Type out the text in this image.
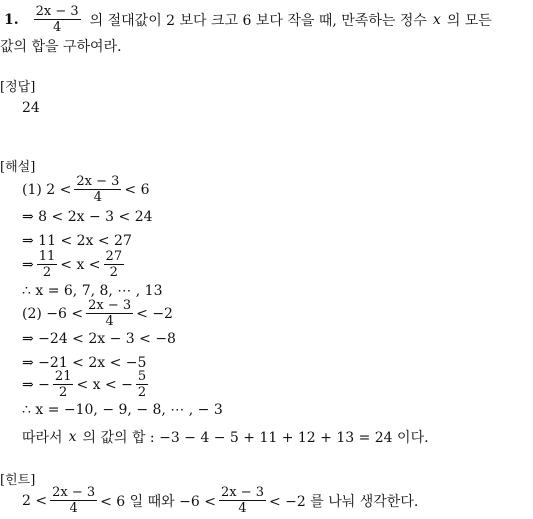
1. $\frac{2x - 3}{4}$ 의 절대값이 2 보다 크고 6 보다 작을 때, 만족하는 정수 x 의 모든
값의 합을 구하여라.
[정답]
24
[해설]
(1) $2 < \frac{2x - 3}{4} < 6$
⇒ 8 < 2x − 3 < 24
⇒ 11 < 2x < 27
⇒ $\frac{11}{2} < x < \frac{27}{2}$
∴ x = 6, 7, 8, ⋯ , 13
$(2) -6 < \frac{2x - 3}{4} < -2$
⇒ −24 < 2x − 3 < −8
⇒ −21 < 2x < −5
⇒ − $\frac{21}{2} < x$ < − $\frac{5}{2}$
∴ x = −10, − 9, − 8, ⋯ , − 3
따라서 x 의 값의 합 : −3 − 4 − 5 + 11 + 12 + 13 = 24 이다.
[힌트]
$2 < \frac{2x - 3}{4} < 6$ 일 때와 $-6 < \frac{2x - 3}{4} < -2$ 를 나눠 생각한다.
